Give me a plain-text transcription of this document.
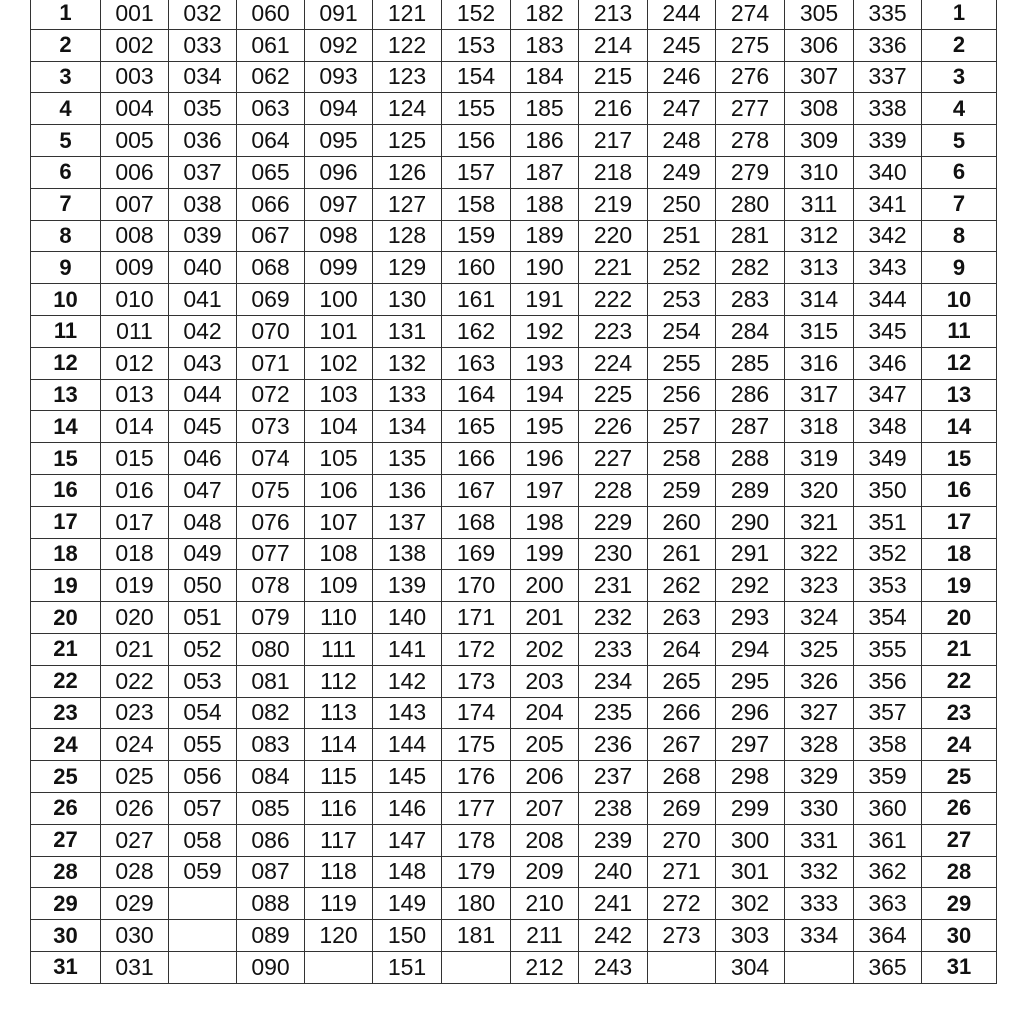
1	001	032	060	091	121	152	182	213	244	274	305	335	1
2	002	033	061	092	122	153	183	214	245	275	306	336	2
3	003	034	062	093	123	154	184	215	246	276	307	337	3
4	004	035	063	094	124	155	185	216	247	277	308	338	4
5	005	036	064	095	125	156	186	217	248	278	309	339	5
6	006	037	065	096	126	157	187	218	249	279	310	340	6
7	007	038	066	097	127	158	188	219	250	280	311	341	7
8	008	039	067	098	128	159	189	220	251	281	312	342	8
9	009	040	068	099	129	160	190	221	252	282	313	343	9
10	010	041	069	100	130	161	191	222	253	283	314	344	10
11	011	042	070	101	131	162	192	223	254	284	315	345	11
12	012	043	071	102	132	163	193	224	255	285	316	346	12
13	013	044	072	103	133	164	194	225	256	286	317	347	13
14	014	045	073	104	134	165	195	226	257	287	318	348	14
15	015	046	074	105	135	166	196	227	258	288	319	349	15
16	016	047	075	106	136	167	197	228	259	289	320	350	16
17	017	048	076	107	137	168	198	229	260	290	321	351	17
18	018	049	077	108	138	169	199	230	261	291	322	352	18
19	019	050	078	109	139	170	200	231	262	292	323	353	19
20	020	051	079	110	140	171	201	232	263	293	324	354	20
21	021	052	080	111	141	172	202	233	264	294	325	355	21
22	022	053	081	112	142	173	203	234	265	295	326	356	22
23	023	054	082	113	143	174	204	235	266	296	327	357	23
24	024	055	083	114	144	175	205	236	267	297	328	358	24
25	025	056	084	115	145	176	206	237	268	298	329	359	25
26	026	057	085	116	146	177	207	238	269	299	330	360	26
27	027	058	086	117	147	178	208	239	270	300	331	361	27
28	028	059	087	118	148	179	209	240	271	301	332	362	28
29	029		088	119	149	180	210	241	272	302	333	363	29
30	030		089	120	150	181	211	242	273	303	334	364	30
31	031		090		151		212	243		304		365	31
